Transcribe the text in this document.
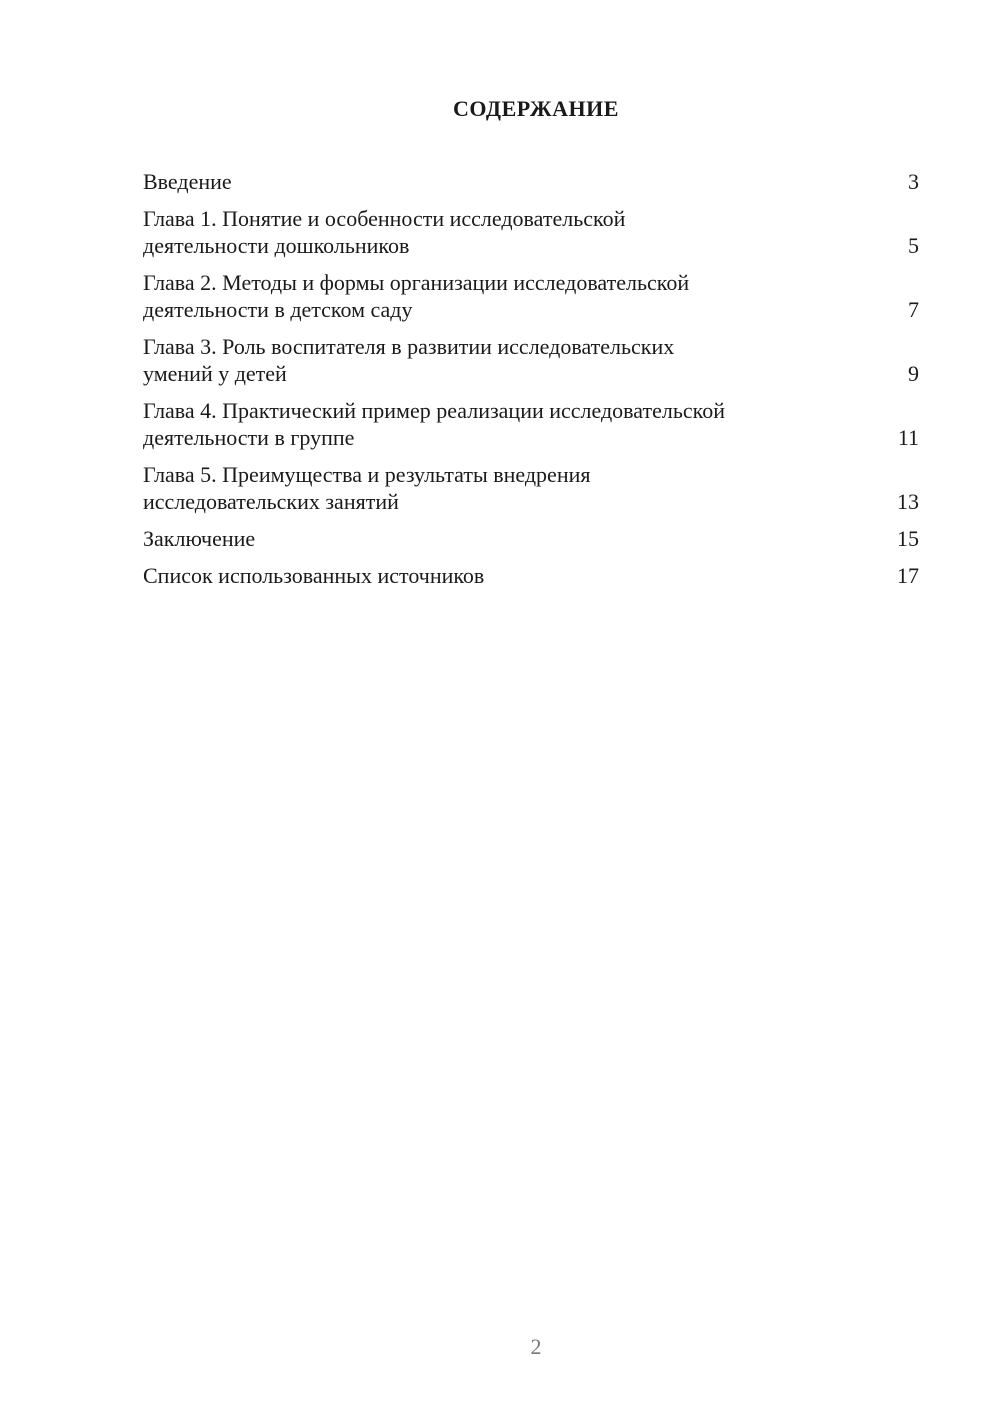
СОДЕРЖАНИЕ
Введение	3
Глава 1. Понятие и особенности исследовательской
деятельности дошкольников	5
Глава 2. Методы и формы организации исследовательской
деятельности в детском саду	7
Глава 3. Роль воспитателя в развитии исследовательских
умений у детей	9
Глава 4. Практический пример реализации исследовательской
деятельности в группе	11
Глава 5. Преимущества и результаты внедрения
исследовательских занятий	13
Заключение	15
Список использованных источников	17
2
